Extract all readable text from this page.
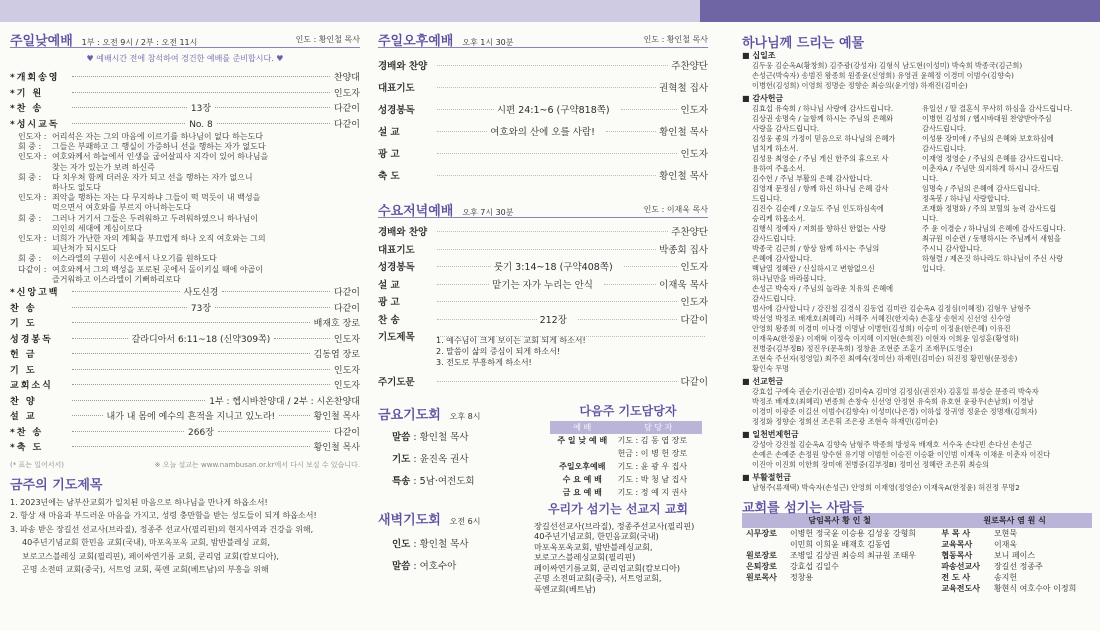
주일낮예배 1부 : 오전 9시 / 2부 : 오전 11시	인도 : 황인철 목사
♥ 예배시간 전에 참석하여 경건한 예배를 준비합시다. ♥
*개회송영	찬양대
*기 원	인도자
*찬 송	13장	다같이
*성시교독	No. 8	다같이
인도자 : 어리석은 자는 그의 마음에 이르기를 하나님이 없다 하는도다
회 중 : 그들은 부패하고 그 행실이 가증하니 선을 행하는 자가 없도다
인도자 : 여호와께서 하늘에서 인생을 굽어살피사 지각이 있어 하나님을
찾는 자가 있는가 보려 하신즉
회 중 : 다 치우쳐 함께 더러운 자가 되고 선을 행하는 자가 없으니
하나도 없도다
인도자 : 죄악을 행하는 자는 다 무지하냐 그들이 떡 먹듯이 내 백성을
먹으면서 여호와를 부르지 아니하는도다
회 중 : 그러나 거기서 그들은 두려워하고 두려워하였으니 하나님이
의인의 세대에 계심이로다
인도자 : 너희가 가난한 자의 계획을 부끄럽게 하나 오직 여호와는 그의
피난처가 되시도다
회 중 : 이스라엘의 구원이 시온에서 나오기를 원하도다
다같이 : 여호와께서 그의 백성을 포로된 곳에서 돌이키실 때에 야곱이
즐거워하고 이스라엘이 기뻐하리로다
*신앙고백	사도신경	다같이
찬 송	73장	다같이
기 도	배재호 장로
성경봉독	갈라디아서 6:11~18 (신약309쪽)	인도자
헌 금	김동엽 장로
기 도	인도자
교회소식	인도자
찬 양	1부 : 헵시바찬양대 / 2부 : 시온찬양대
설 교	내가 내 몸에 예수의 흔적을 지니고 있노라!	황인철 목사
*찬 송	266장	다같이
*축 도	황인철 목사
(* 표는 일어서서)	※ 오늘 설교는 www.nambusan.or.kr에서 다시 보실 수 있습니다.
금주의 기도제목
1. 2023년에는 남부산교회가 일치된 마음으로 하나님을 만나게 하옵소서!
2. 항상 새 마음과 부드러운 마음을 가지고, 성령 충만함을 받는 성도들이 되게 하옵소서!
3. 파송 받은 장길선 선교사(브라질), 정종주 선교사(필리핀)의 현지사역과 건강을 위해,
40주년기념교회 한민음 교회(국내), 마포옥포옥 교회, 밤반블레싱 교회,
보로고스블레싱 교회(필리핀), 페이싸연기름 교회, 쿤리엄 교회(캄보디아),
곤명 소전떠 교회(중국), 서트엉 교회, 푹엔 교회(베트남)의 부흥을 위해
주일오후예배 오후 1시 30분	인도 : 황인철 목사
경배와 찬양	주찬양단
대표기도	권혁철 집사
성경봉독	시편 24:1~6 (구약818쪽)	인도자
설 교	여호와의 산에 오를 사람!	황인철 목사
광 고	인도자
축 도	황인철 목사
수요저녁예배 오후 7시 30분	인도 : 이재욱 목사
경배와 찬양	주찬양단
대표기도	박종회 집사
성경봉독	룻기 3:14~18 (구약408쪽)	인도자
설 교	맡기는 자가 누리는 안식	이재욱 목사
광 고	인도자
찬 송	212장	다같이
기도제목	1. 예수님이 크게 보이는 교회 되게 하소서!
2. 말씀이 삶의 증심이 되게 하소서!
3. 전도로 부흥하게 하소서!
주기도문	다같이
금요기도회 오후 8시
말씀 : 황인철 목사
기도 : 윤진옥 권사
특송 : 5남·여전도회
새벽기도회 오전 6시
인도 : 황인철 목사
말씀 : 여호수아
다음주 기도담당자
예 배	담 당 자
주 일 낮 예 배	기도 : 김 동 엽 장로
	헌금 : 이 병 헌 장로
주일오후예배	기도 : 윤 광 우 집사
수 요 예 배	기도 : 박 청 남 집사
금 요 예 배	기도 : 정 예 지 권사
우리가 섬기는 선교지 교회
장길선선교사(브라질), 정종주선교사(필리핀)
40주년기념교회, 한민음교회(국내)
마포옥포옥교회, 밤반블레싱교회,
보로고스블레싱교회(필리핀)
페이싸연기름교회, 쿤리엄교회(캄보디아)
곤명 소전떠교회(중국), 서트엉교회,
푹엔교회(베트남)
하나님께 드리는 예물
■ 십일조
김두웅 김순옥A(황창희) 김주광(강성자) 김형식 남도현(이성미) 박숙희 박종국(김근희)
손성근(박숙자) 송범진 왕종희 원종윤(신영희) 유영권 윤혜정 이경미 이범수(김향숙)
이병헌(김성희) 이영희 정명순 정향순 최승의(윤기영) 하재진(김미순)
■ 감사헌금
김효섭 유숙희 / 하나님 사랑에 감사드립니다.
김상권 송명숙 / 늘함께 하시는 주님의 은혜와
사랑을 감사드립니다.
김성웅 좋의 가정이 믿음으로 하나님의 은혜가
넘치게 하소서.
김성용 최영순 / 주님 게신 한주의 휴으로 사
용하여 주옵소서.
김수헌 / 주님 부활의 은혜 감사합니다.
김영재 문정심 / 항께 하신 하나님 은혜 감사
드립니다.
김진수 김순례 / 오늘도 주님 인도하심속에
승리케 하옵소서.
김행식 정예자 / 저희를 향하신 한없는 사랑
감사드립니다.
박종국 김근희 / 항상 함께 하시는 주님의
은혜에 감사합니다.
백남열 정혜란 / 신실하시고 변함없으신
하나님만을 바라봅니다.
손성근 박숙자 / 주님의 놀라운 치유의 은혜에
감사드립니다.
유일선 / 딸 결혼식 무사히 하심을 감사드립니다.
이병헌 김성희 / 헵시바대원 찬양받아주심
감사드립니다.
이성룡 장미애 / 주님의 은혜와 보호하심에
감사드립니다.
이재영 정영순 / 주님의 은혜를 감사드립니다.
이춘자A / 주님만 의지하게 하시니 감사드립
니다.
임명숙 / 주님의 은혜에 감사드립니다.
정옥봉 / 하나님 사랑합니다.
조재화 정명화 / 주의 보혈의 능력 감사드립
니다.
주 윤 이경순 / 하나님의 은혜에 감사드립니다.
최규원 이순련 / 동행하시는 주님께서 새힘을
주시니 감사합니다.
하형렬 / 제온것 하나라도 하나님이 주신 사랑
입니다.
범사에 감사합니다 / 강진철 김경식 김동엽 김미란 김순옥A 김정심(이혜정) 김형우 남형주
박선영 박정조 배재호(최혜리) 서해주 서혜진(한지숙) 손홍상 송현지 신선영 신수영
안영희 왕종희 이경미 이나경 이명남 이병헌(김성희) 이승미 이정윤(한은혜) 이유진
이재욱A(한정윤) 이재혁 이정숙 이지혜 이지현(손희진) 이현자 이희윤 임성훈(황영하)
전병중(김부정B) 정진우(문옥희) 정창윤 조현준 조훈기 조재무(도영순)
조현숙 주선자(정영일) 최주진 최예숙(정미선) 하재민(김미순) 허진정 황민형(문정송)
황인숙 무명
■ 선교헌금
강효섭 구예숙 권순기(권순범) 김미숙A 김미영 김정심(권진자) 김홍일 류성순 문종리 박숙자
박정조 배재호(최혜리) 변종희 손창숙 신선영 안정현 유숙희 유호현 윤광우(손남희) 이경남
이경미 이광준 이길선 이범수(김향숙) 이성미(나은경) 이하섭 장귀영 정윤순 정명재(김희자)
정정화 정향순 정희선 조은휘 조은광 조현숙 하재민(김미순)
■ 일천번제헌금
강성아 강진철 김순옥A 김향숙 남형주 박종희 방성욱 배재호 서수옥 손다빈 손다선 손성근
손예은 손예준 손정원 양수현 유기명 이범헌 이승진 이승환 이인범 이재욱 이채운 이춘자 이진다
이진아 이진희 이한희 장미애 전병중(김부정B) 정미선 정혜란 조은휘 최승의
■ 부활절헌금
남형주(류재택) 박숙자(손성근) 안영희 이재영(정영순) 이재욱A(한정윤) 허진정 무명2
교회를 섬기는 사람들
담임목사 황 인 철		원로목사 염 원 식	
시무장로	이병헌 정국윤 이승용 김성웅 강형희	부 목 사	모현묵
	이민희 이희윤 배재호 김동엽	교육목사	이재욱
원로장로	조병일 김상권 최승의 최규원 조태우	협동목사	보니 페이스
은퇴장로	강효섭 김일수	파송선교사	장길선 정종주
원로목사	정창용	전 도 사	송지헌
		교육전도사	황현식 여호수아 이정희
